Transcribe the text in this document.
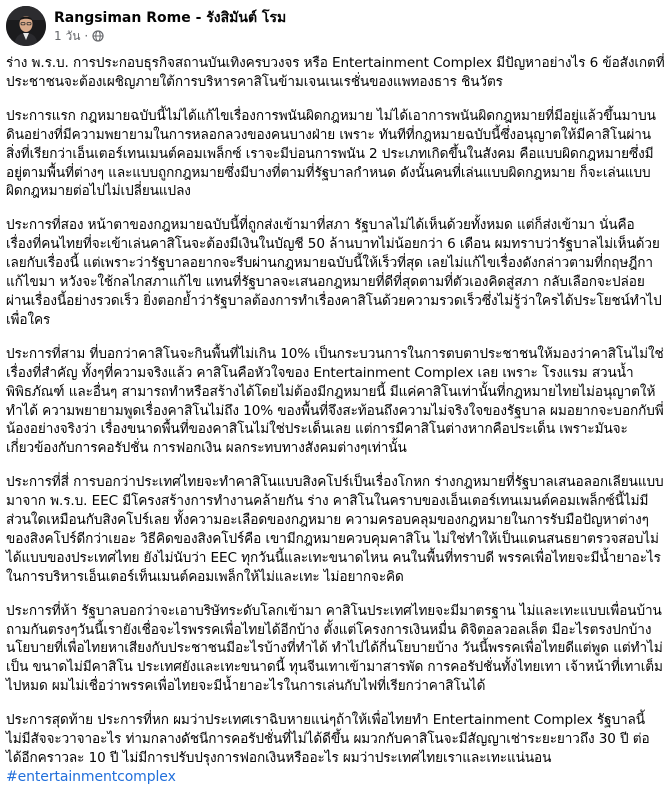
Rangsiman Rome - รังสิมันต์ โรม
1 วัน ·

ร่าง พ.ร.บ. การประกอบธุรกิจสถานบันเทิงครบวงจร หรือ Entertainment Complex มีปัญหาอย่างไร 6 ข้อสังเกตที่ประชาชนจะต้องเผชิญภายใต้การบริหารคาสิโนข้ามเจนเนเรชั่นของแพทองธาร ชินวัตร

ประการแรก กฎหมายฉบับนี้ไม่ได้แก้ไขเรื่องการพนันผิดกฎหมาย ไม่ได้เอาการพนันผิดกฎหมายที่มีอยู่แล้วขึ้นมาบนดินอย่างที่มีความพยายามในการหลอกลวงของคนบางฝ่าย เพราะ ทันทีที่กฎหมายฉบับนี้ซึ่งอนุญาตให้มีคาสิโนผ่านสิ่งที่เรียกว่าเอ็นเตอร์เทนเมนต์คอมเพล็กซ์ เราจะมีบ่อนการพนัน 2 ประเภทเกิดขึ้นในสังคม คือแบบผิดกฎหมายซึ่งมีอยู่ตามพื้นที่ต่างๆ และแบบถูกกฎหมายซึ่งมีบางที่ตามที่รัฐบาลกำหนด ดังนั้นคนที่เล่นแบบผิดกฎหมาย ก็จะเล่นแบบผิดกฎหมายต่อไปไม่เปลี่ยนแปลง

ประการที่สอง หน้าตาของกฎหมายฉบับนี้ที่ถูกส่งเข้ามาที่สภา รัฐบาลไม่ได้เห็นด้วยทั้งหมด แต่ก็ส่งเข้ามา นั่นคือ เรื่องที่คนไทยที่จะเข้าเล่นคาสิโนจะต้องมีเงินในบัญชี 50 ล้านบาทไม่น้อยกว่า 6 เดือน ผมทราบว่ารัฐบาลไม่เห็นด้วยเลยกับเรื่องนี้ แต่เพราะว่ารัฐบาลอยากจะรีบผ่านกฎหมายฉบับนี้ให้เร็วที่สุด เลยไม่แก้ไขเรื่องดังกล่าวตามที่กฤษฎีกาแก้ไขมา หวังจะใช้กลไกสภาแก้ไข แทนที่รัฐบาลจะเสนอกฎหมายที่ดีที่สุดตามที่ตัวเองคิดสู่สภา กลับเลือกจะปล่อยผ่านเรื่องนี้อย่างรวดเร็ว ยิ่งตอกย้ำว่ารัฐบาลต้องการทำเรื่องคาสิโนด้วยความรวดเร็วซึ่งไม่รู้ว่าใครได้ประโยชน์ทำไปเพื่อใคร

ประการที่สาม ที่บอกว่าคาสิโนจะกินพื้นที่ไม่เกิน 10% เป็นกระบวนการในการตบตาประชาชนให้มองว่าคาสิโนไม่ใช่เรื่องที่สำคัญ ทั้งๆที่ความจริงแล้ว คาสิโนคือหัวใจของ Entertainment Complex เลย เพราะ โรงแรม สวนน้ำ พิพิธภัณฑ์ และอื่นๆ สามารถทำหรือสร้างได้โดยไม่ต้องมีกฎหมายนี้ มีแค่คาสิโนเท่านั้นที่กฎหมายไทยไม่อนุญาตให้ทำได้ ความพยายามพูดเรื่องคาสิโนไม่ถึง 10% ของพื้นที่จึงสะท้อนถึงความไม่จริงใจของรัฐบาล ผมอยากจะบอกกับพี่น้องอย่างจริงว่า เรื่องขนาดพื้นที่ของคาสิโนไม่ใช่ประเด็นเลย แต่การมีคาสิโนต่างหากคือประเด็น เพราะมันจะเกี่ยวข้องกับการคอรัปชั่น การฟอกเงิน ผลกระทบทางสังคมต่างๆเท่านั้น

ประการที่สี่ การบอกว่าประเทศไทยจะทำคาสิโนแบบสิงคโปร์เป็นเรื่องโกหก ร่างกฎหมายที่รัฐบาลเสนอลอกเลียนแบบมาจาก พ.ร.บ. EEC มีโครงสร้างการทำงานคล้ายกัน ร่าง คาสิโนในคราบของเอ็นเตอร์เทนเมนต์คอมเพล็กซ์นี้ไม่มีส่วนใดเหมือนกับสิงคโปร์เลย ทั้งความอะเลือดของกฎหมาย ความครอบคลุมของกฎหมายในการรับมือปัญหาต่างๆของสิงคโปร์ดีกว่าเยอะ วิธีคิดของสิงคโปร์คือ เขามีกฎหมายควบคุมคาสิโน ไม่ใช่ทำให้เป็นแดนสนธยาตรวจสอบไม่ได้แบบของประเทศไทย ยังไม่นับว่า EEC ทุกวันนี้และเทะขนาดไหน คนในพื้นที่ทราบดี พรรคเพื่อไทยจะมีน้ำยาอะไรในการบริหารเอ็นเตอร์เท็นเมนต์คอมเพล็กให้ไม่และเทะ ไม่อยากจะคิด

ประการที่ห้า รัฐบาลบอกว่าจะเอาบริษัทระดับโลกเข้ามา คาสิโนประเทศไทยจะมีมาตรฐาน ไม่และเทะแบบเพื่อนบ้าน ถามกันตรงๆวันนี้เรายังเชื่อจะไรพรรคเพื่อไทยได้อีกบ้าง ตั้งแต่โครงการเงินหมื่น ดิจิตอลวอลเล็ต มีอะไรตรงปกบ้าง นโยบายที่เพื่อไทยหาเสียงกับประชาชนมีอะไรบ้างที่ทำได้ ทำไปได้กี่นโยบายบ้าง วันนี้พรรคเพื่อไทยดีแต่พูด แต่ทำไม่เป็น ขนาดไม่มีคาสิโน ประเทศยังและเทะขนาดนี้ ทุนจีนเทาเข้ามาสารพัด การคอรัปชั่นทั้งไทยเทา เจ้าหน้าที่เทาเต็มไปหมด ผมไม่เชื่อว่าพรรคเพื่อไทยจะมีน้ำยาอะไรในการเล่นกับไฟที่เรียกว่าคาสิโนได้

ประการสุดท้าย ประการที่หก ผมว่าประเทศเราฉิบหายแน่ๆถ้าให้เพื่อไทยทำ Entertainment Complex รัฐบาลนี้ไม่มีสัจจะวาจาอะไร ท่ามกลางดัชนีการคอรัปชั่นที่ไม่ได้ดีขึ้น ผมวกกับคาสิโนจะมีสัญญาเช่าระยะยาวถึง 30 ปี ต่อได้อีกคราวละ 10 ปี ไม่มีการปรับปรุงการฟอกเงินหรืออะไร ผมว่าประเทศไทยเราและเทะแน่นอน

#entertainmentcomplex
